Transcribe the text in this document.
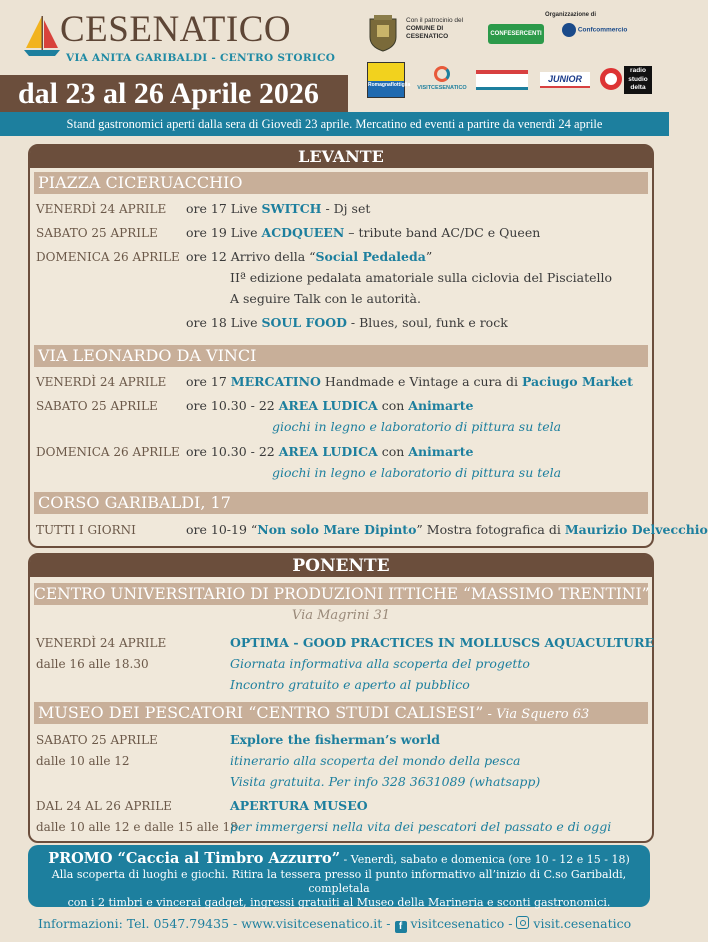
CESENATICO
VIA ANITA GARIBALDI - CENTRO STORICO
dal 23 al 26 Aprile 2026
Con il patrocinio del
COMUNE DI
CESENATICO
Organizzazione di
CONFESERCENTI
Confcommercio
Romagnaflottiglia VISITCESENATICO
JUNIOR
radio studio delta
Stand gastronomici aperti dalla sera di Giovedì 23 aprile. Mercatino ed eventi a partire da venerdì 24 aprile
LEVANTE
PIAZZA CICERUACCHIO
VENERDÌ 24 APRILE ore 17 Live SWITCH - Dj set
SABATO 25 APRILE ore 19 Live ACDQUEEN – tribute band AC/DC e Queen
DOMENICA 26 APRILE ore 12 Arrivo della “Social Pedaleda”
IIª edizione pedalata amatoriale sulla ciclovia del Pisciatello
A seguire Talk con le autorità.
ore 18 Live SOUL FOOD - Blues, soul, funk e rock
VIA LEONARDO DA VINCI
VENERDÌ 24 APRILE ore 17 MERCATINO Handmade e Vintage a cura di Paciugo Market
SABATO 25 APRILE ore 10.30 - 22 AREA LUDICA con Animarte
giochi in legno e laboratorio di pittura su tela
DOMENICA 26 APRILE ore 10.30 - 22 AREA LUDICA con Animarte
giochi in legno e laboratorio di pittura su tela
CORSO GARIBALDI, 17
TUTTI I GIORNI	ore 10-19 “Non solo Mare Dipinto” Mostra fotografica di Maurizio Delvecchio
PONENTE
CENTRO UNIVERSITARIO DI PRODUZIONI ITTICHE “MASSIMO TRENTINI”
Via Magrini 31
VENERDÌ 24 APRILE
dalle 16 alle 18.30
OPTIMA - GOOD PRACTICES IN MOLLUSCS AQUACULTURE
Giornata informativa alla scoperta del progetto
Incontro gratuito e aperto al pubblico
MUSEO DEI PESCATORI “CENTRO STUDI CALISESI” - Via Squero 63
SABATO 25 APRILE
dalle 10 alle 12
Explore the fisherman’s world
itinerario alla scoperta del mondo della pesca
Visita gratuita. Per info 328 3631089 (whatsapp)
DAL 24 AL 26 APRILE
dalle 10 alle 12 e dalle 15 alle 18
APERTURA MUSEO
per immergersi nella vita dei pescatori del passato e di oggi
PROMO “Caccia al Timbro Azzurro” - Venerdì, sabato e domenica (ore 10 - 12 e 15 - 18)
Alla scoperta di luoghi e giochi. Ritira la tessera presso il punto informativo all’inizio di C.so Garibaldi, completala
con i 2 timbri e vincerai gadget, ingressi gratuiti al Museo della Marineria e sconti gastronomici.
Informazioni: Tel. 0547.79435 - www.visitcesenatico.it - f visitcesenatico -  visit.cesenatico
